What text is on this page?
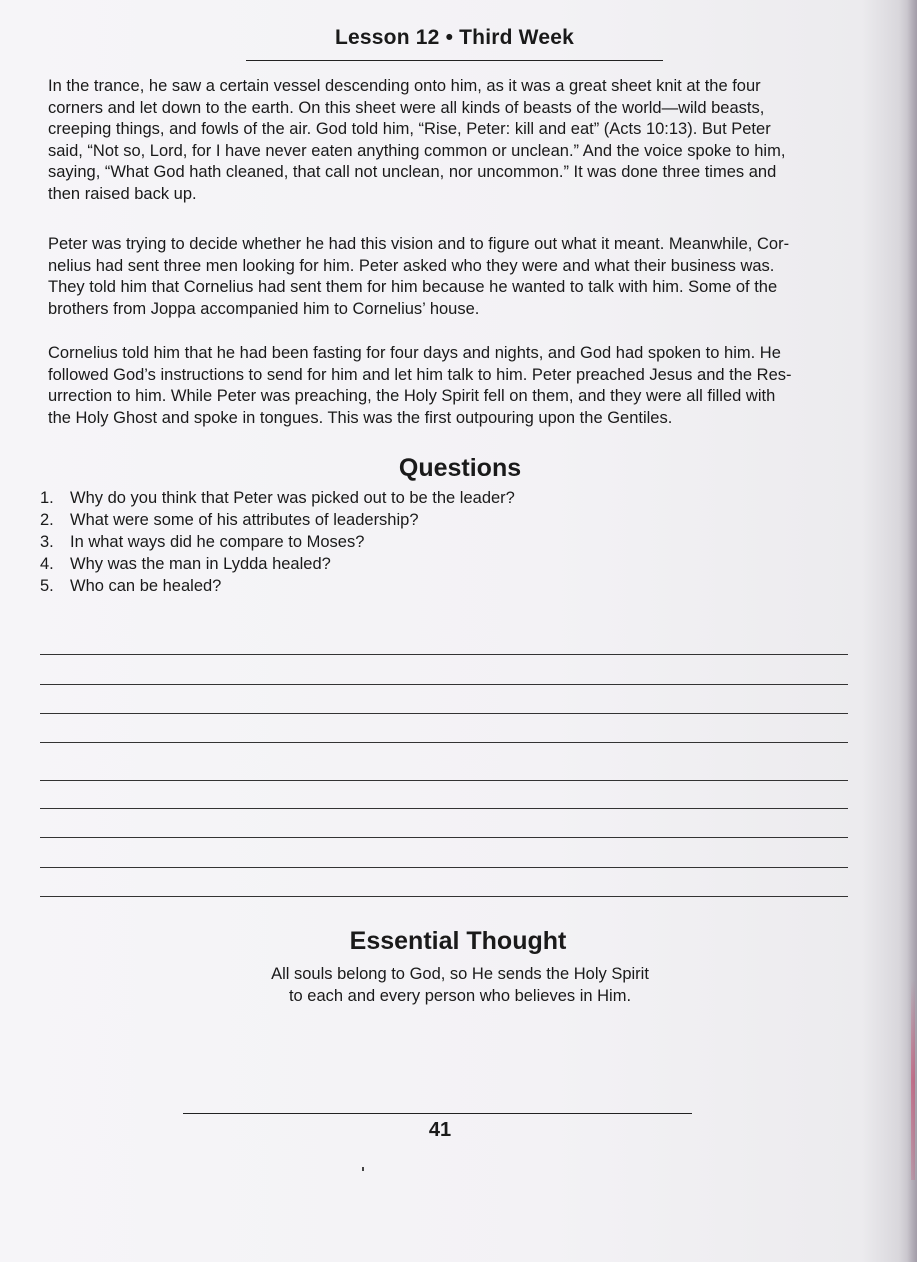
Lesson 12 • Third Week

In the trance, he saw a certain vessel descending onto him, as it was a great sheet knit at the four
corners and let down to the earth. On this sheet were all kinds of beasts of the world—wild beasts,
creeping things, and fowls of the air. God told him, “Rise, Peter: kill and eat” (Acts 10:13). But Peter
said, “Not so, Lord, for I have never eaten anything common or unclean.” And the voice spoke to him,
saying, “What God hath cleaned, that call not unclean, nor uncommon.” It was done three times and
then raised back up.

Peter was trying to decide whether he had this vision and to figure out what it meant. Meanwhile, Cor-
nelius had sent three men looking for him. Peter asked who they were and what their business was.
They told him that Cornelius had sent them for him because he wanted to talk with him. Some of the
brothers from Joppa accompanied him to Cornelius’ house.

Cornelius told him that he had been fasting for four days and nights, and God had spoken to him. He
followed God’s instructions to send for him and let him talk to him. Peter preached Jesus and the Res-
urrection to him. While Peter was preaching, the Holy Spirit fell on them, and they were all filled with
the Holy Ghost and spoke in tongues. This was the first outpouring upon the Gentiles.

Questions
1. Why do you think that Peter was picked out to be the leader?
2. What were some of his attributes of leadership?
3. In what ways did he compare to Moses?
4. Why was the man in Lydda healed?
5. Who can be healed?
Essential Thought
All souls belong to God, so He sends the Holy Spirit
to each and every person who believes in Him.
41
